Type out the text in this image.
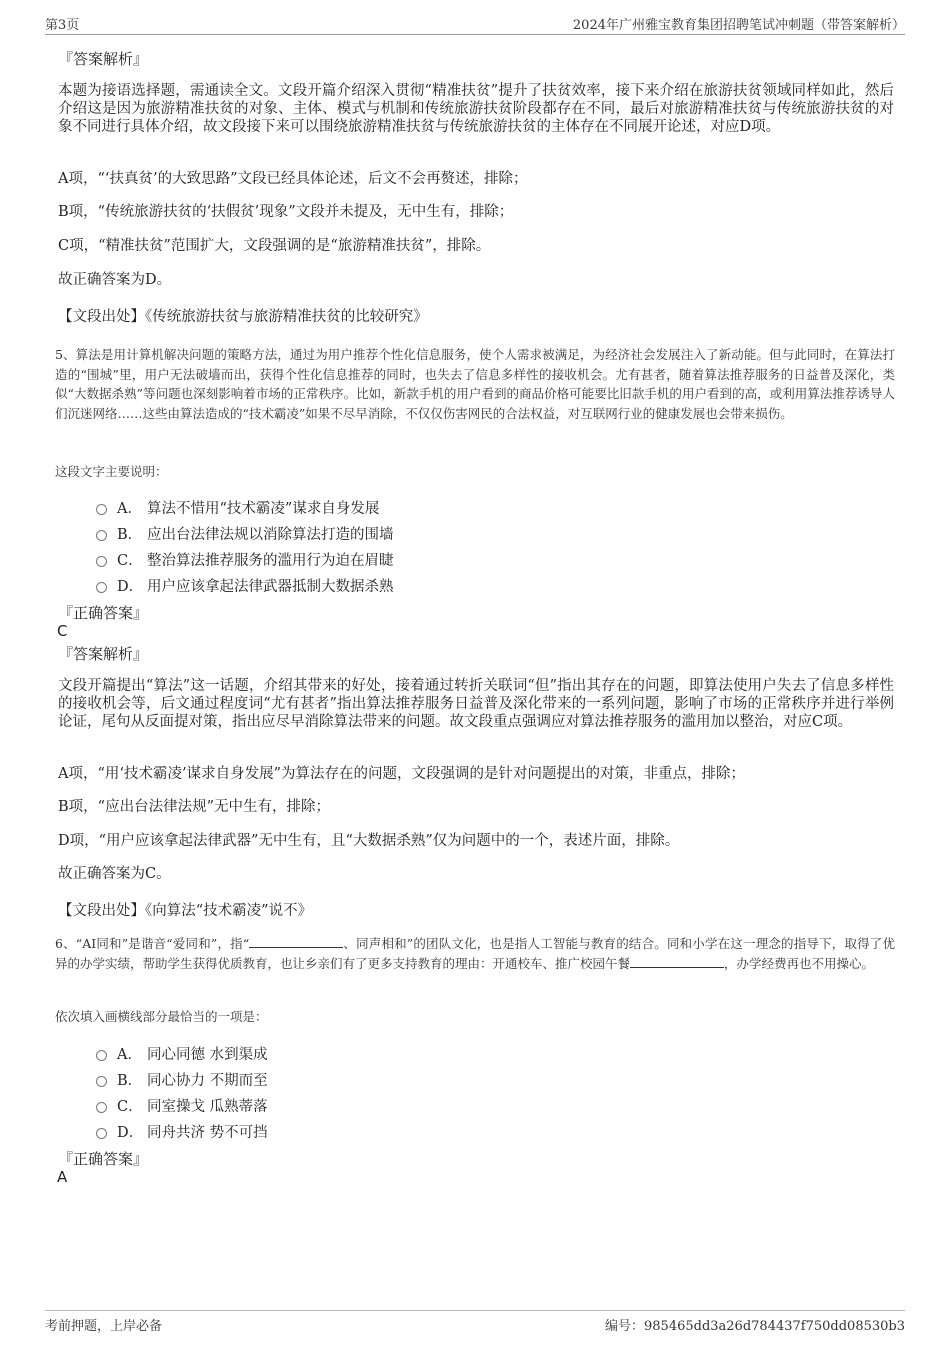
第3页	2024年广州雅宝教育集团招聘笔试冲刺题（带答案解析）
『答案解析』

本题为接语选择题，需通读全文。文段开篇介绍深入贯彻“精准扶贫”提升了扶贫效率，接下来介绍在旅游扶贫领域同样如此，然后介绍这是因为旅游精准扶贫的对象、主体、模式与机制和传统旅游扶贫阶段都存在不同，最后对旅游精准扶贫与传统旅游扶贫的对象不同进行具体介绍，故文段接下来可以围绕旅游精准扶贫与传统旅游扶贫的主体存在不同展开论述，对应D项。

A项，“‘扶真贫’的大致思路”文段已经具体论述，后文不会再赘述，排除；

B项，“传统旅游扶贫的‘扶假贫’现象”文段并未提及，无中生有，排除；

C项，“精准扶贫”范围扩大，文段强调的是“旅游精准扶贫”，排除。

故正确答案为D。

【文段出处】《传统旅游扶贫与旅游精准扶贫的比较研究》

5、算法是用计算机解决问题的策略方法，通过为用户推荐个性化信息服务，使个人需求被满足，为经济社会发展注入了新动能。但与此同时，在算法打造的“围城”里，用户无法破墙而出，获得个性化信息推荐的同时，也失去了信息多样性的接收机会。尤有甚者，随着算法推荐服务的日益普及深化，类似“大数据杀熟”等问题也深刻影响着市场的正常秩序。比如，新款手机的用户看到的商品价格可能要比旧款手机的用户看到的高，或利用算法推荐诱导人们沉迷网络……这些由算法造成的“技术霸凌”如果不尽早消除，不仅仅伤害网民的合法权益，对互联网行业的健康发展也会带来损伤。

这段文字主要说明：
A． 算法不惜用“技术霸凌”谋求自身发展
B． 应出台法律法规以消除算法打造的围墙
C． 整治算法推荐服务的滥用行为迫在眉睫
D． 用户应该拿起法律武器抵制大数据杀熟
『正确答案』
C
『答案解析』

文段开篇提出“算法”这一话题，介绍其带来的好处，接着通过转折关联词“但”指出其存在的问题，即算法使用户失去了信息多样性的接收机会等，后文通过程度词“尤有甚者”指出算法推荐服务日益普及深化带来的一系列问题，影响了市场的正常秩序并进行举例论证，尾句从反面提对策，指出应尽早消除算法带来的问题。故文段重点强调应对算法推荐服务的滥用加以整治，对应C项。

A项，“用‘技术霸凌’谋求自身发展”为算法存在的问题，文段强调的是针对问题提出的对策，非重点，排除；

B项，“应出台法律法规”无中生有，排除；

D项，“用户应该拿起法律武器”无中生有，且“大数据杀熟”仅为问题中的一个，表述片面，排除。

故正确答案为C。

【文段出处】《向算法“技术霸凌”说不》

6、“AI同和”是谐音“爱同和”，指“	、同声相和”的团队文化，也是指人工智能与教育的结合。同和小学在这一理念的指导下，取得了优异的办学实绩，帮助学生获得优质教育，也让乡亲们有了更多支持教育的理由：开通校车、推广校园午餐	，办学经费再也不用操心。

依次填入画横线部分最恰当的一项是：
A． 同心同德 水到渠成
B． 同心协力 不期而至
C． 同室操戈 瓜熟蒂落
D． 同舟共济 势不可挡
『正确答案』
A
考前押题，上岸必备	编号：985465dd3a26d784437f750dd08530b3
